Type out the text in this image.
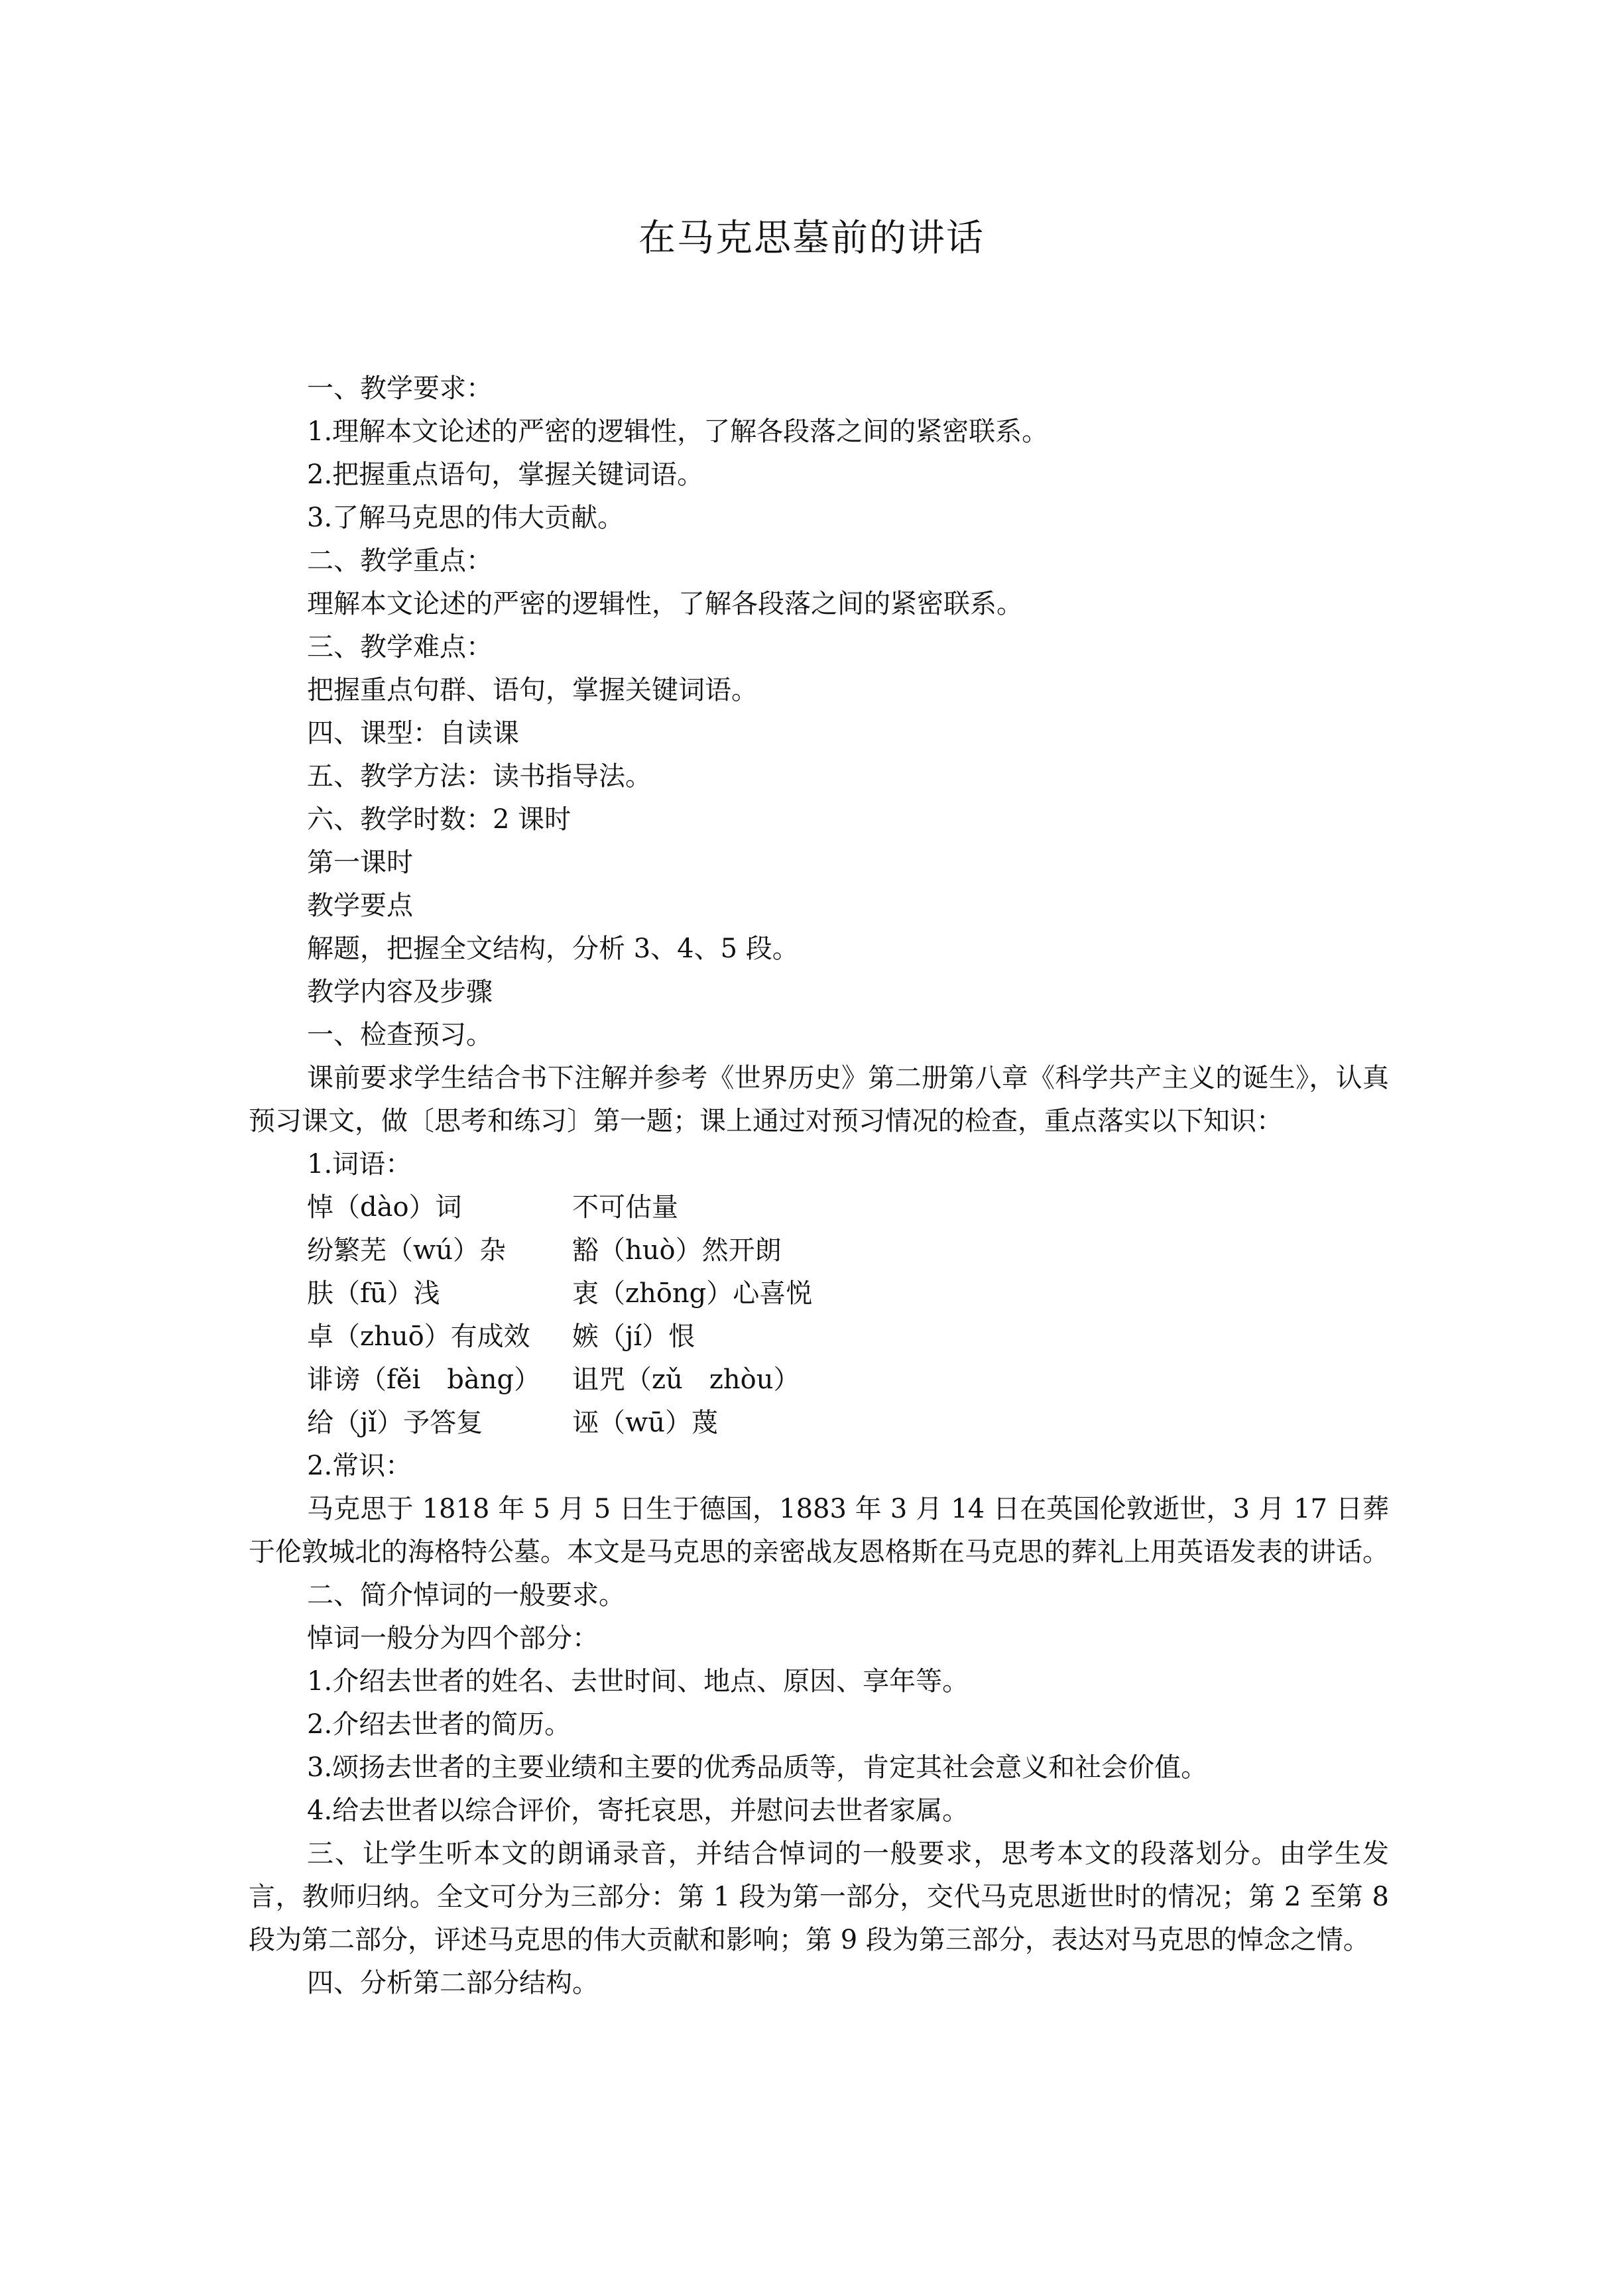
在马克思墓前的讲话

一、教学要求：

1.理解本文论述的严密的逻辑性，了解各段落之间的紧密联系。

2.把握重点语句，掌握关键词语。

3.了解马克思的伟大贡献。

二、教学重点：

理解本文论述的严密的逻辑性，了解各段落之间的紧密联系。

三、教学难点：

把握重点句群、语句，掌握关键词语。

四、课型：自读课

五、教学方法：读书指导法。

六、教学时数：2 课时

第一课时

教学要点

解题，把握全文结构，分析 3、4、5 段。

教学内容及步骤

一、检查预习。

课前要求学生结合书下注解并参考《世界历史》第二册第八章《科学共产主义的诞生》，认真预习课文，做〔思考和练习〕第一题；课上通过对预习情况的检查，重点落实以下知识：

1.词语：

悼（dào）词	不可估量

纷繁芜（wú）杂	豁（huò）然开朗

肤（fū）浅	衷（zhōng）心喜悦

卓（zhuō）有成效 嫉（jí）恨

诽谤（fěi　bàng） 诅咒（zǔ　zhòu）

给（jǐ）予答复	诬（wū）蔑

2.常识：

马克思于 1818 年 5 月 5 日生于德国，1883 年 3 月 14 日在英国伦敦逝世，3 月 17 日葬于伦敦城北的海格特公墓。本文是马克思的亲密战友恩格斯在马克思的葬礼上用英语发表的讲话。

二、简介悼词的一般要求。

悼词一般分为四个部分：

1.介绍去世者的姓名、去世时间、地点、原因、享年等。

2.介绍去世者的简历。

3.颂扬去世者的主要业绩和主要的优秀品质等，肯定其社会意义和社会价值。

4.给去世者以综合评价，寄托哀思，并慰问去世者家属。

三、让学生听本文的朗诵录音，并结合悼词的一般要求，思考本文的段落划分。由学生发言，教师归纳。全文可分为三部分：第 1 段为第一部分，交代马克思逝世时的情况；第 2 至第 8 段为第二部分，评述马克思的伟大贡献和影响；第 9 段为第三部分，表达对马克思的悼念之情。

四、分析第二部分结构。
